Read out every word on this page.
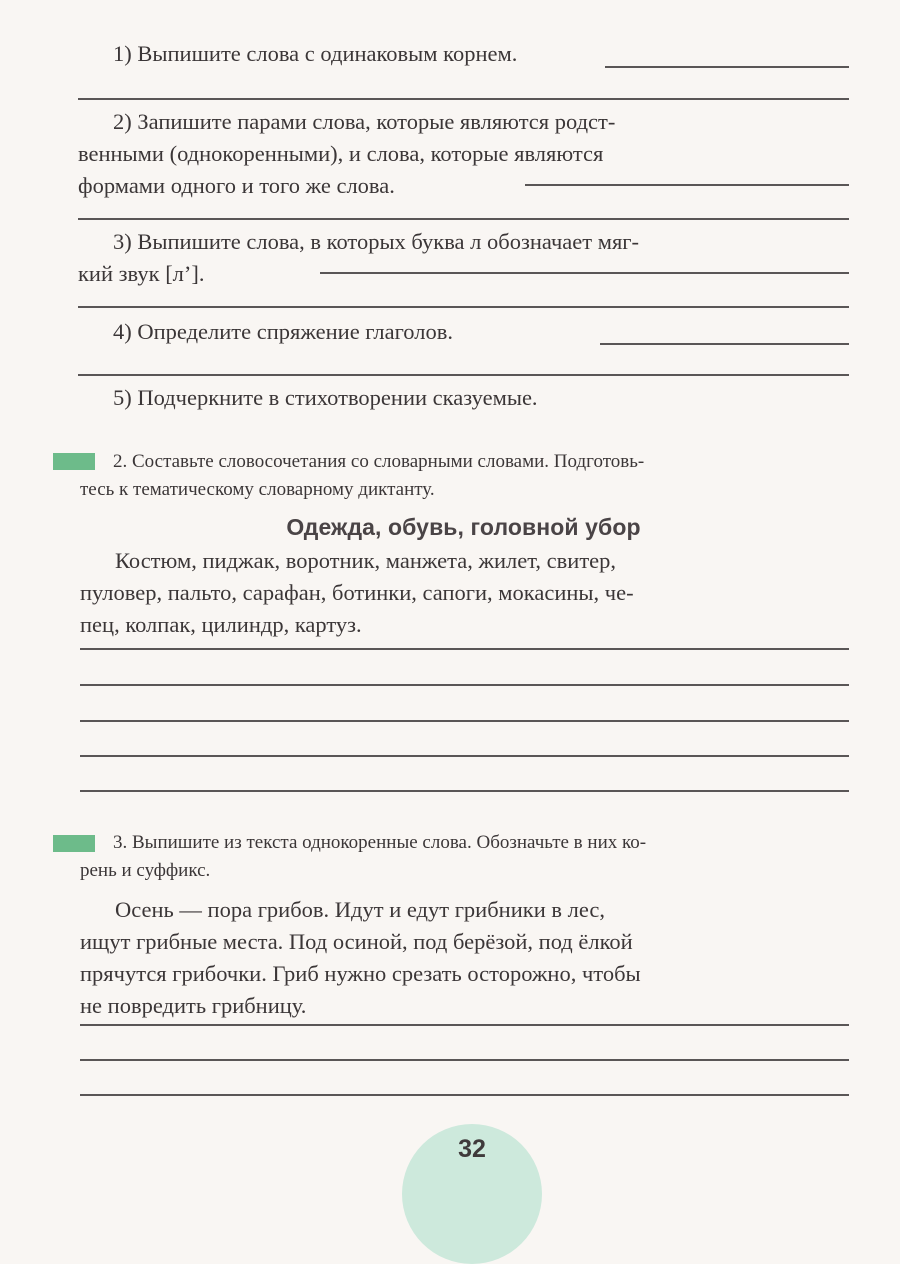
1) Выпишите слова с одинаковым корнем.
2) Запишите парами слова, которые являются родст-
венными (однокоренными), и слова, которые являются
формами одного и того же слова.
3) Выпишите слова, в которых буква л обозначает мяг-
кий звук [л’].
4) Определите спряжение глаголов.
5) Подчеркните в стихотворении сказуемые.
2. Составьте словосочетания со словарными словами. Подготовь-
тесь к тематическому словарному диктанту.
Одежда, обувь, головной убор
Костюм, пиджак, воротник, манжета, жилет, свитер,
пуловер, пальто, сарафан, ботинки, сапоги, мокасины, че-
пец, колпак, цилиндр, картуз.
3. Выпишите из текста однокоренные слова. Обозначьте в них ко-
рень и суффикс.
Осень — пора грибов. Идут и едут грибники в лес,
ищут грибные места. Под осиной, под берёзой, под ёлкой
прячутся грибочки. Гриб нужно срезать осторожно, чтобы
не повредить грибницу.
32
